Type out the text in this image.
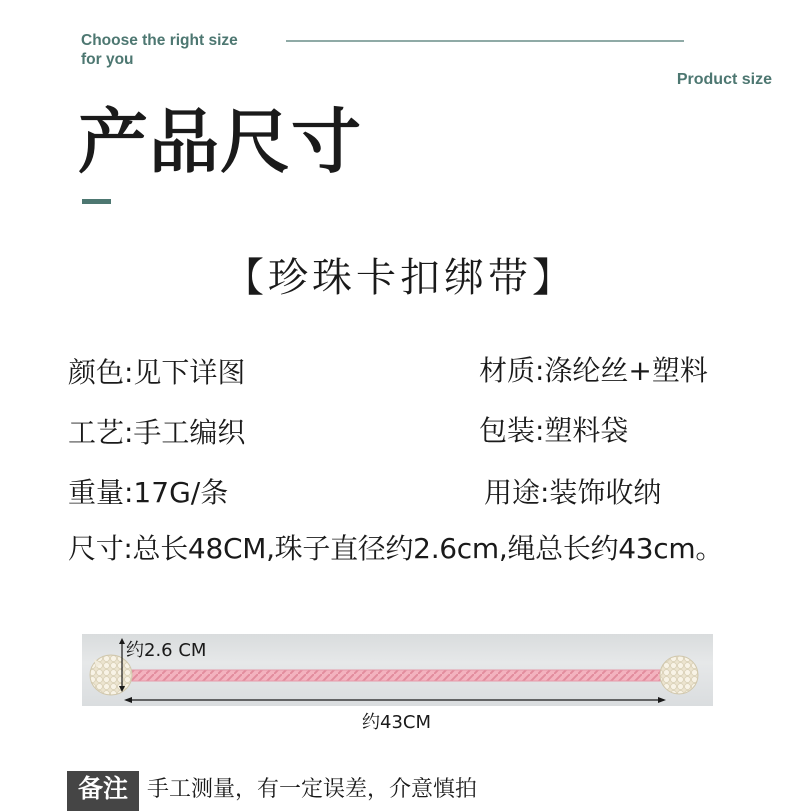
Choose the right size for you
Product size
产品尺寸
【珍珠卡扣绑带】
颜色:见下详图	材质:涤纶丝+塑料
工艺:手工编织	包装:塑料袋
重量:17G/条	用途:装饰收纳
尺寸:总长48CM,珠子直径约2.6cm,绳总长约43cm。
约2.6 CM
约43CM
备注 手工测量，有一定误差，介意慎拍
